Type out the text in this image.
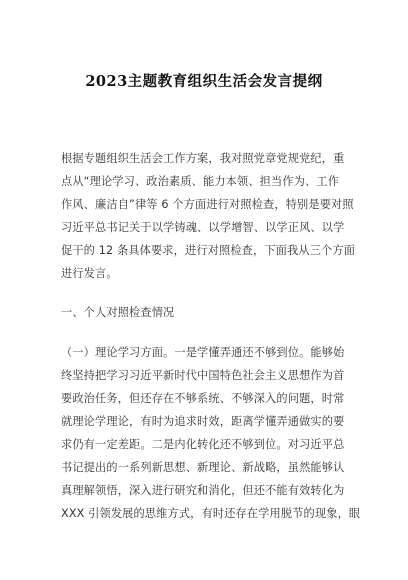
2023主题教育组织生活会发言提纲
根据专题组织生活会工作方案，我对照党章党规党纪，重
点从“理论学习、政治素质、能力本领、担当作为、工作
作风、廉洁自”律等 6 个方面进行对照检查，特别是要对照
习近平总书记关于以学铸魂、以学增智、以学正风、以学
促干的 12 条具体要求，进行对照检查，下面我从三个方面
进行发言。
一、个人对照检查情况
（一）理论学习方面。一是学懂弄通还不够到位。能够始
终坚持把学习习近平新时代中国特色社会主义思想作为首
要政治任务，但还存在不够系统、不够深入的问题，时常
就理论学理论，有时为追求时效，距离学懂弄通做实的要
求仍有一定差距。二是内化转化还不够到位。对习近平总
书记提出的一系列新思想、新理论、新战略，虽然能够认
真理解领悟，深入进行研究和消化，但还不能有效转化为
XXX 引领发展的思维方式，有时还存在学用脱节的现象，眼
